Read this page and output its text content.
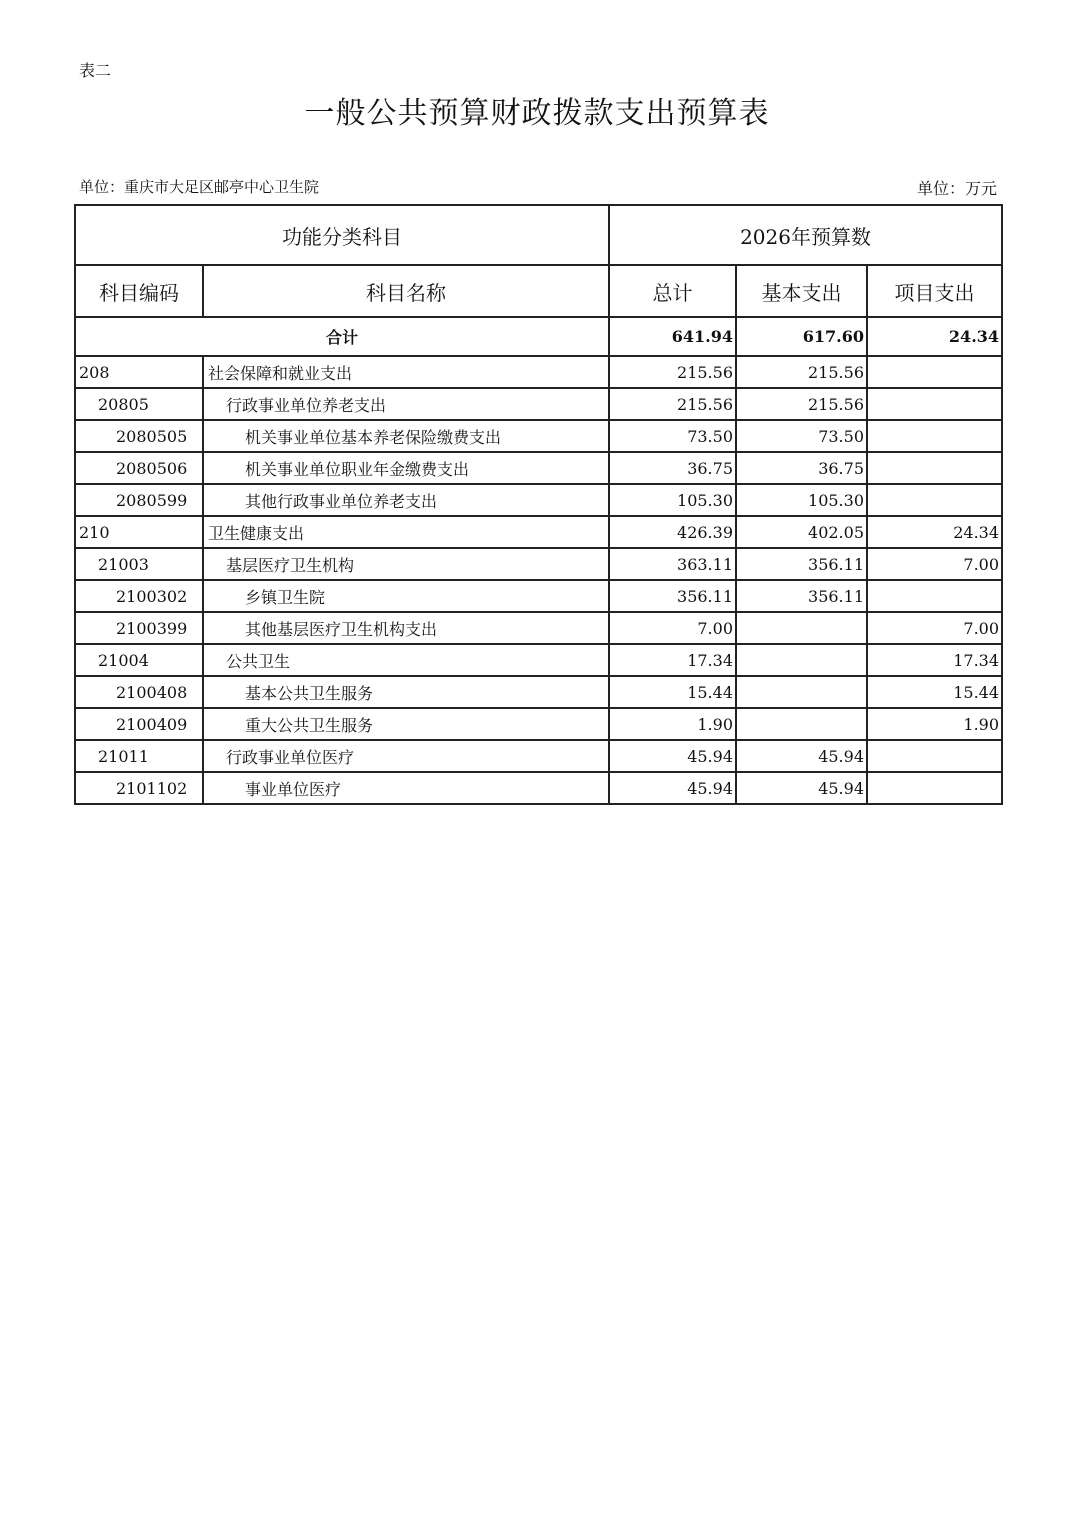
表二
一般公共预算财政拨款支出预算表
单位：重庆市大足区邮亭中心卫生院	单位：万元
功能分类科目		2026年预算数		
科目编码	科目名称	总计	基本支出	项目支出
合计		641.94	617.60	24.34
208	社会保障和就业支出	215.56	215.56	
20805	行政事业单位养老支出	215.56	215.56	
2080505	机关事业单位基本养老保险缴费支出	73.50	73.50	
2080506	机关事业单位职业年金缴费支出	36.75	36.75	
2080599	其他行政事业单位养老支出	105.30	105.30	
210	卫生健康支出	426.39	402.05	24.34
21003	基层医疗卫生机构	363.11	356.11	7.00
2100302	乡镇卫生院	356.11	356.11	
2100399	其他基层医疗卫生机构支出	7.00		7.00
21004	公共卫生	17.34		17.34
2100408	基本公共卫生服务	15.44		15.44
2100409	重大公共卫生服务	1.90		1.90
21011	行政事业单位医疗	45.94	45.94	
2101102	事业单位医疗	45.94	45.94	
